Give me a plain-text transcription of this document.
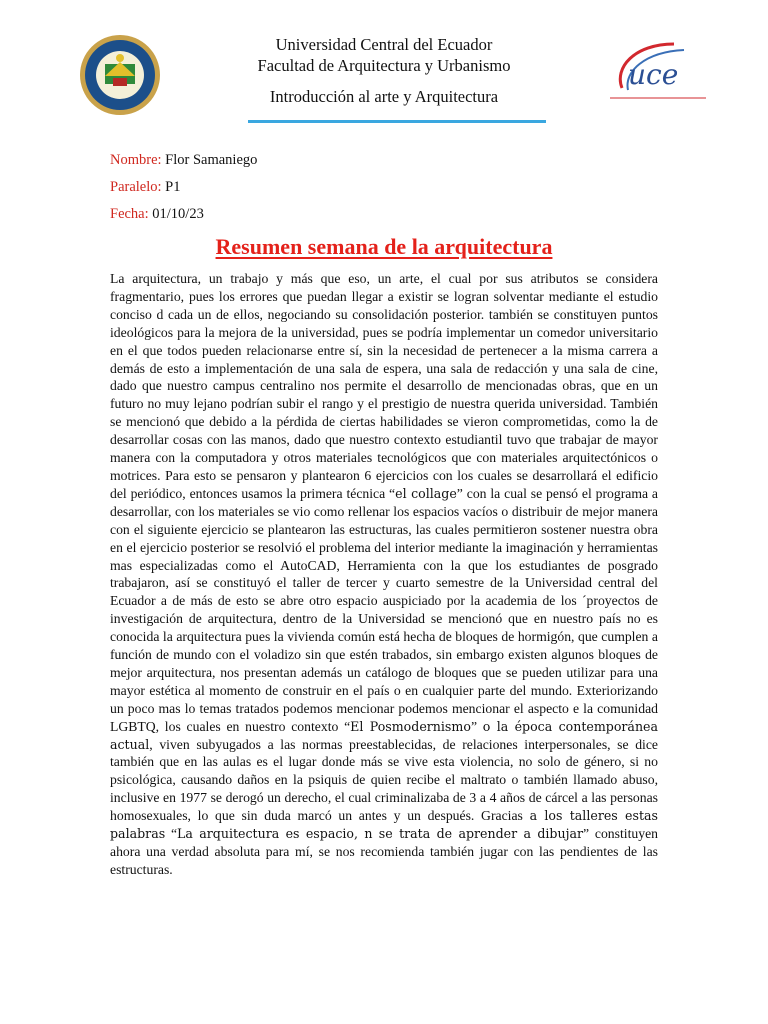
Universidad Central del Ecuador
Facultad de Arquitectura y Urbanismo
Introducción al arte y Arquitectura
uce
Nombre: Flor Samaniego
Paralelo: P1
Fecha: 01/10/23
Resumen semana de la arquitectura

La arquitectura, un trabajo y más que eso, un arte, el cual por sus atributos se considera fragmentario, pues los errores que puedan llegar a existir se logran solventar mediante el estudio conciso d cada un de ellos, negociando su consolidación posterior. también se constituyen puntos ideológicos para la mejora de la universidad, pues se podría implementar un comedor universitario en el que todos pueden relacionarse entre sí, sin la necesidad de pertenecer a la misma carrera a demás de esto a implementación de una sala de espera, una sala de redacción y una sala de cine, dado que nuestro campus centralino nos permite el desarrollo de mencionadas obras, que en un futuro no muy lejano podrían subir el rango y el prestigio de nuestra querida universidad. También se mencionó que debido a la pérdida de ciertas habilidades se vieron comprometidas, como la de desarrollar cosas con las manos, dado que nuestro contexto estudiantil tuvo que trabajar de mayor manera con la computadora y otros materiales tecnológicos que con materiales arquitectónicos o motrices. Para esto se pensaron y plantearon 6 ejercicios con los cuales se desarrollará el edificio del periódico, entonces usamos la primera técnica “el collage” con la cual se pensó el programa a desarrollar, con los materiales se vio como rellenar los espacios vacíos o distribuir de mejor manera con el siguiente ejercicio se plantearon las estructuras, las cuales permitieron sostener nuestra obra en el ejercicio posterior se resolvió el problema del interior mediante la imaginación y herramientas mas especializadas como el AutoCAD, Herramienta con la que los estudiantes de posgrado trabajaron, así se constituyó el taller de tercer y cuarto semestre de la Universidad central del Ecuador a de más de esto se abre otro espacio auspiciado por la academia de los ´proyectos de investigación de arquitectura, dentro de la Universidad se mencionó que en nuestro país no es conocida la arquitectura pues la vivienda común está hecha de bloques de hormigón, que cumplen a función de mundo con el voladizo sin que estén trabados, sin embargo existen algunos bloques de mejor arquitectura, nos presentan además un catálogo de bloques que se pueden utilizar para una mayor estética al momento de construir en el país o en cualquier parte del mundo. Exteriorizando un poco mas lo temas tratados podemos mencionar podemos mencionar el aspecto e la comunidad LGBTQ, los cuales en nuestro contexto “El Posmodernismo” o la época contemporánea actual, viven subyugados a las normas preestablecidas, de relaciones interpersonales, se dice también que en las aulas es el lugar donde más se vive esta violencia, no solo de género, si no psicológica, causando daños en la psiquis de quien recibe el maltrato o también llamado abuso, inclusive en 1977 se derogó un derecho, el cual criminalizaba de 3 a 4 años de cárcel a las personas homosexuales, lo que sin duda marcó un antes y un después. Gracias a los talleres estas palabras “La arquitectura es espacio, n se trata de aprender a dibujar” constituyen ahora una verdad absoluta para mí, se nos recomienda también jugar con las pendientes de las estructuras.
